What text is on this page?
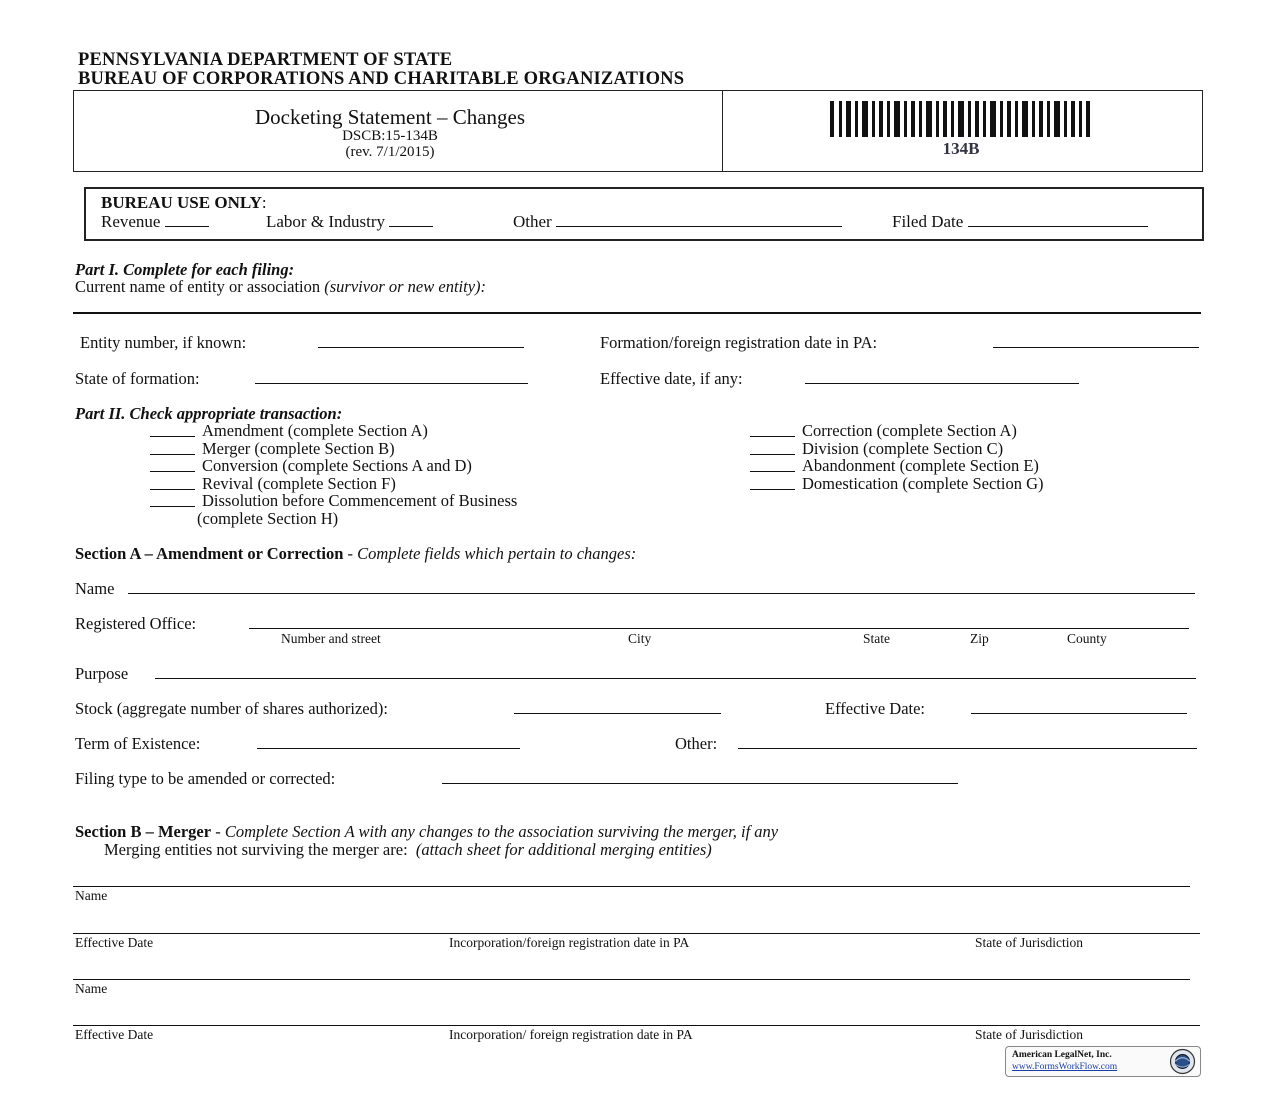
PENNSYLVANIA DEPARTMENT OF STATE
BUREAU OF CORPORATIONS AND CHARITABLE ORGANIZATIONS
Docketing Statement – Changes
DSCB:15-134B
(rev. 7/1/2015)	134B
BUREAU USE ONLY:
Revenue	Labor & Industry	Other	Filed Date
Part I. Complete for each filing:
Current name of entity or association (survivor or new entity):
Entity number, if known:	Formation/foreign registration date in PA:
State of formation:	Effective date, if any:
Part II. Check appropriate transaction:
Amendment (complete Section A)
Merger (complete Section B)
Conversion (complete Sections A and D)
Revival (complete Section F)
Dissolution before Commencement of Business
(complete Section H)
Correction (complete Section A)
Division (complete Section C)
Abandonment (complete Section E)
Domestication (complete Section G)
Section A – Amendment or Correction - Complete fields which pertain to changes:
Name
Registered Office:
Number and street	City	State	Zip	County
Purpose
Stock (aggregate number of shares authorized):	Effective Date:
Term of Existence:	Other:
Filing type to be amended or corrected:
Section B – Merger - Complete Section A with any changes to the association surviving the merger, if any
Merging entities not surviving the merger are: (attach sheet for additional merging entities)
Name
Effective Date	Incorporation/foreign registration date in PA	State of Jurisdiction
Name
Effective Date	Incorporation/ foreign registration date in PA	State of Jurisdiction
American LegalNet, Inc.
www.FormsWorkFlow.com
